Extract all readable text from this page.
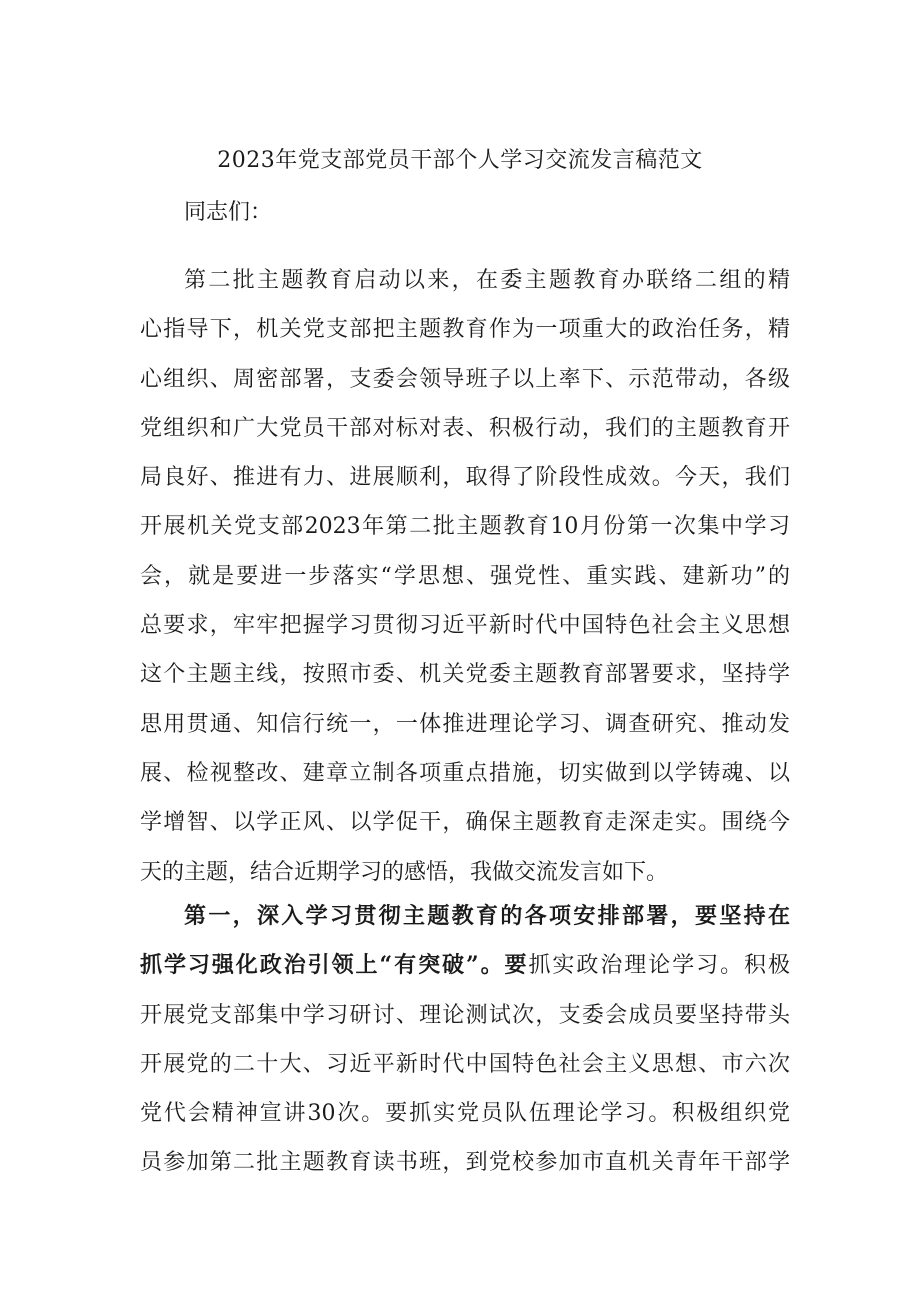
2023年党支部党员干部个人学习交流发言稿范文
同志们：
第二批主题教育启动以来，在委主题教育办联络二组的精
心指导下，机关党支部把主题教育作为一项重大的政治任务，精
心组织、周密部署，支委会领导班子以上率下、示范带动，各级
党组织和广大党员干部对标对表、积极行动，我们的主题教育开
局良好、推进有力、进展顺利，取得了阶段性成效。今天，我们
开展机关党支部2023年第二批主题教育10月份第一次集中学习
会，就是要进一步落实“学思想、强党性、重实践、建新功”的
总要求，牢牢把握学习贯彻习近平新时代中国特色社会主义思想
这个主题主线，按照市委、机关党委主题教育部署要求，坚持学
思用贯通、知信行统一，一体推进理论学习、调查研究、推动发
展、检视整改、建章立制各项重点措施，切实做到以学铸魂、以
学增智、以学正风、以学促干，确保主题教育走深走实。围绕今
天的主题，结合近期学习的感悟，我做交流发言如下。
第一，深入学习贯彻主题教育的各项安排部署，要坚持在
抓学习强化政治引领上“有突破”。要抓实政治理论学习。积极
开展党支部集中学习研讨、理论测试次，支委会成员要坚持带头
开展党的二十大、习近平新时代中国特色社会主义思想、市六次
党代会精神宣讲30次。要抓实党员队伍理论学习。积极组织党
员参加第二批主题教育读书班，到党校参加市直机关青年干部学
